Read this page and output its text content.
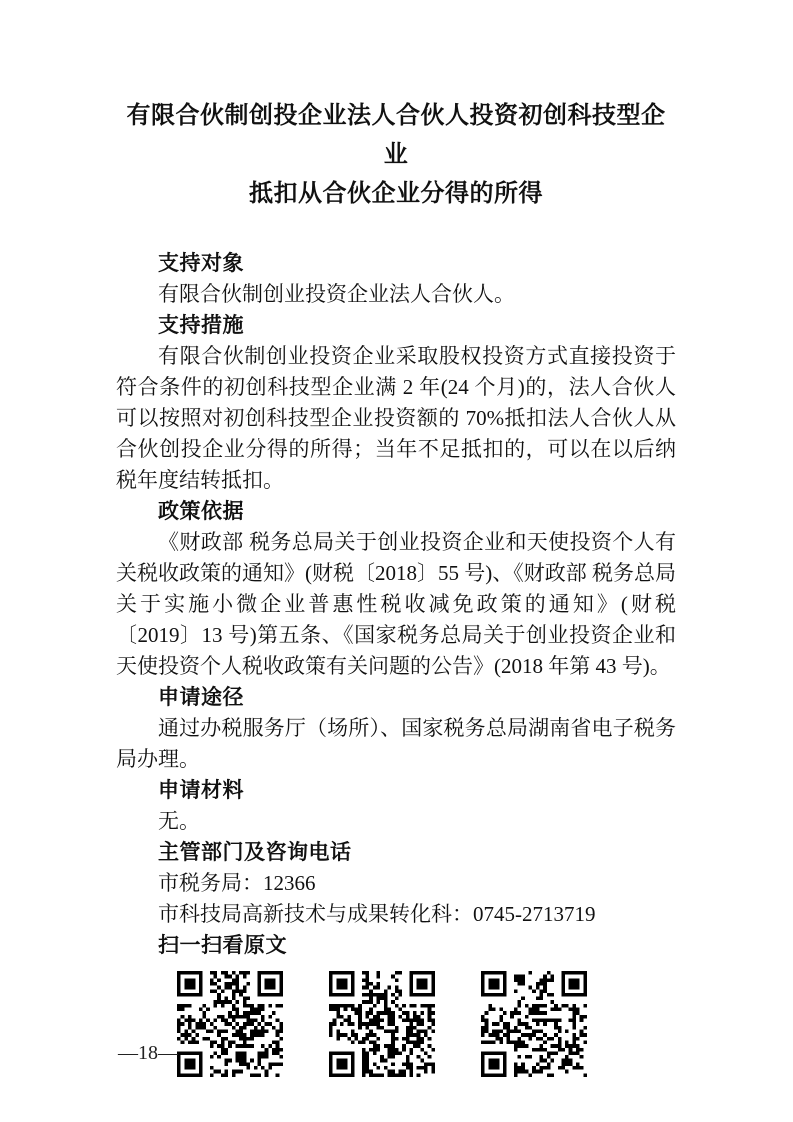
有限合伙制创投企业法人合伙人投资初创科技型企业
抵扣从合伙企业分得的所得
支持对象

有限合伙制创业投资企业法人合伙人。

支持措施

有限合伙制创业投资企业采取股权投资方式直接投资于符合条件的初创科技型企业满 2 年(24 个月)的，法人合伙人可以按照对初创科技型企业投资额的 70%抵扣法人合伙人从合伙创投企业分得的所得；当年不足抵扣的，可以在以后纳税年度结转抵扣。

政策依据

《财政部 税务总局关于创业投资企业和天使投资个人有关税收政策的通知》(财税〔2018〕55 号)、《财政部 税务总局关于实施小微企业普惠性税收减免政策的通知》(财税〔2019〕13 号)第五条、《国家税务总局关于创业投资企业和天使投资个人税收政策有关问题的公告》(2018 年第 43 号)。

申请途径

通过办税服务厅（场所）、国家税务总局湖南省电子税务局办理。

申请材料

无。

主管部门及咨询电话

市税务局：12366

市科技局高新技术与成果转化科：0745-2713719

扫一扫看原文
—18—
